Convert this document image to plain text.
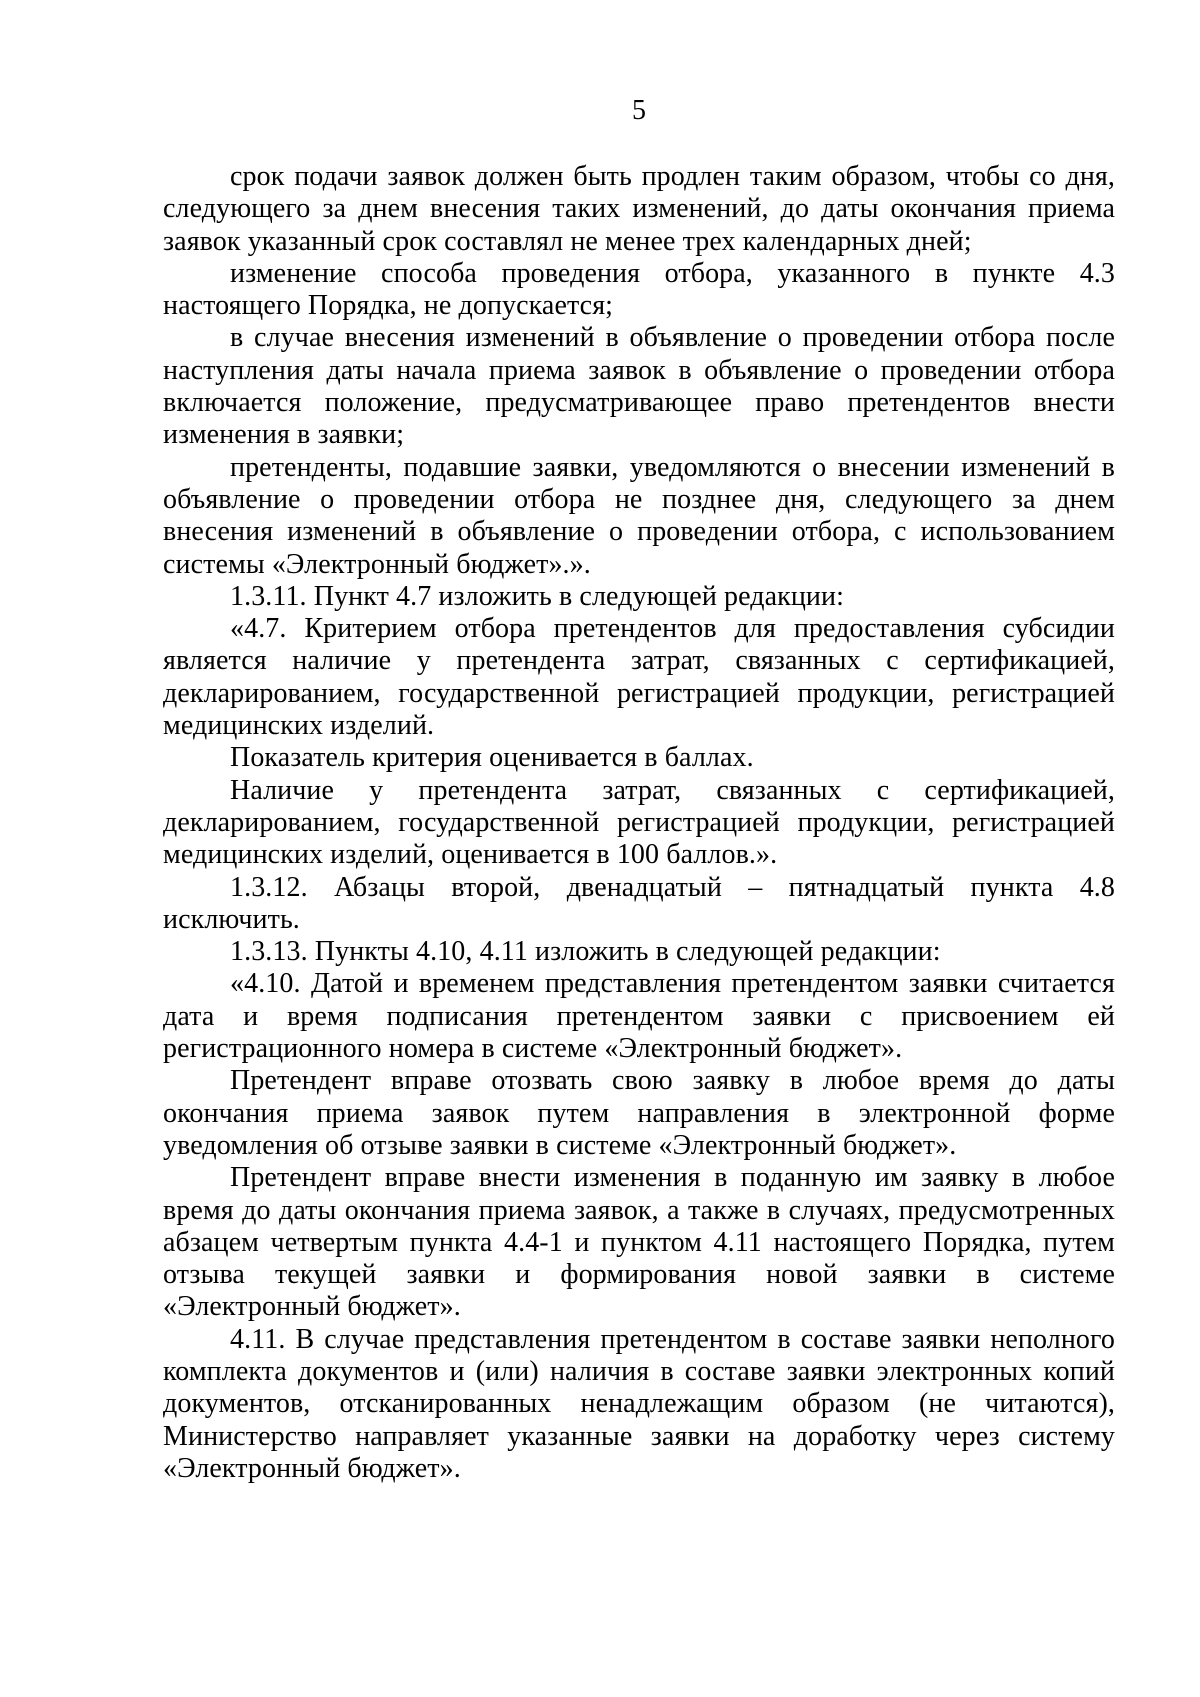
5

срок подачи заявок должен быть продлен таким образом, чтобы со дня, следующего за днем внесения таких изменений, до даты окончания приема заявок указанный срок составлял не менее трех календарных дней;

изменение способа проведения отбора, указанного в пункте 4.3 настоящего Порядка, не допускается;

в случае внесения изменений в объявление о проведении отбора после наступления даты начала приема заявок в объявление о проведении отбора включается положение, предусматривающее право претендентов внести изменения в заявки;

претенденты, подавшие заявки, уведомляются о внесении изменений в объявление о проведении отбора не позднее дня, следующего за днем внесения изменений в объявление о проведении отбора, с использованием системы «Электронный бюджет».».

1.3.11. Пункт 4.7 изложить в следующей редакции:

«4.7. Критерием отбора претендентов для предоставления субсидии является наличие у претендента затрат, связанных с сертификацией, декларированием, государственной регистрацией продукции, регистрацией медицинских изделий.

Показатель критерия оценивается в баллах.

Наличие у претендента затрат, связанных с сертификацией, декларированием, государственной регистрацией продукции, регистрацией медицинских изделий, оценивается в 100 баллов.».

1.3.12. Абзацы второй, двенадцатый – пятнадцатый пункта 4.8 исключить.

1.3.13. Пункты 4.10, 4.11 изложить в следующей редакции:

«4.10. Датой и временем представления претендентом заявки считается дата и время подписания претендентом заявки с присвоением ей регистрационного номера в системе «Электронный бюджет».

Претендент вправе отозвать свою заявку в любое время до даты окончания приема заявок путем направления в электронной форме уведомления об отзыве заявки в системе «Электронный бюджет».

Претендент вправе внести изменения в поданную им заявку в любое время до даты окончания приема заявок, а также в случаях, предусмотренных абзацем четвертым пункта 4.4-1 и пунктом 4.11 настоящего Порядка, путем отзыва текущей заявки и формирования новой заявки в системе «Электронный бюджет».

4.11. В случае представления претендентом в составе заявки неполного комплекта документов и (или) наличия в составе заявки электронных копий документов, отсканированных ненадлежащим образом (не читаются), Министерство направляет указанные заявки на доработку через систему «Электронный бюджет».
